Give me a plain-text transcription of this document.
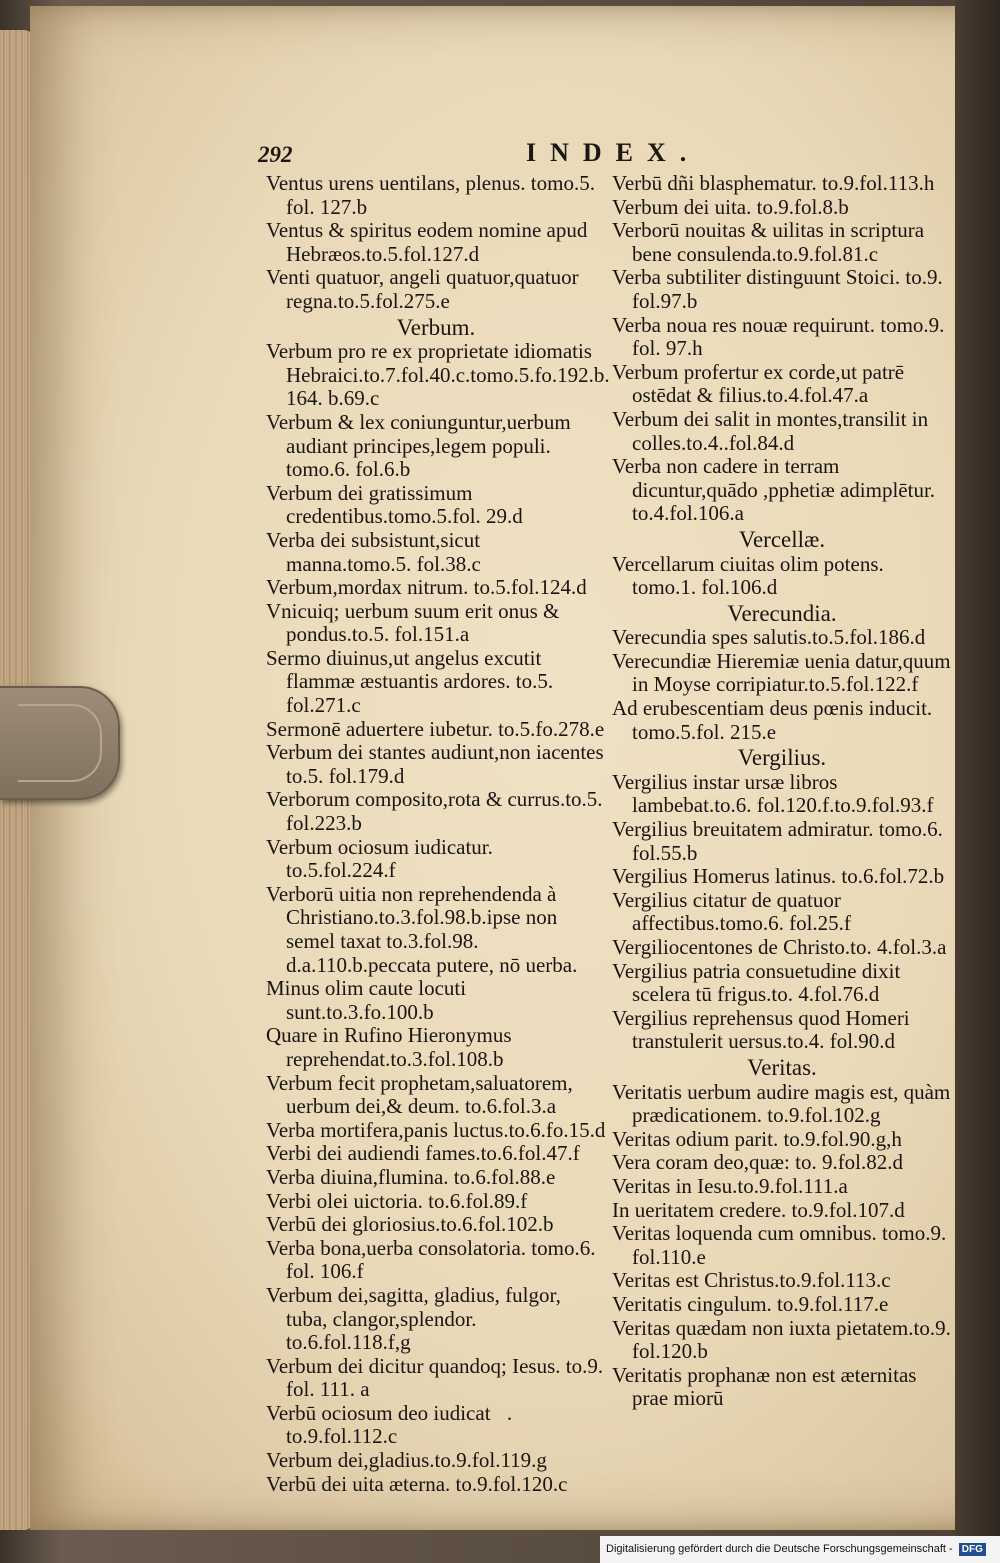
292	INDEX.

Ventus urens uentilans, plenus. tomo.5. fol. 127.b

Ventus & spiritus eodem nomine apud Hebræos.to.5.fol.127.d

Venti quatuor, angeli quatuor,quatuor regna.to.5.fol.275.e

Verbum.

Verbum pro re ex proprietate idiomatis Hebraici.to.7.fol.40.c.tomo.5.fo.192.b. 164. b.69.c

Verbum & lex coniunguntur,uerbum audiant principes,legem populi. tomo.6. fol.6.b

Verbum dei gratissimum credentibus.tomo.5.fol. 29.d

Verba dei subsistunt,sicut manna.tomo.5. fol.38.c

Verbum,mordax nitrum. to.5.fol.124.d

Vnicuiq; uerbum suum erit onus & pondus.to.5. fol.151.a

Sermo diuinus,ut angelus excutit flammæ æstuantis ardores. to.5. fol.271.c

Sermonē aduertere iubetur. to.5.fo.278.e

Verbum dei stantes audiunt,non iacentes to.5. fol.179.d

Verborum composito,rota & currus.to.5. fol.223.b

Verbum ociosum iudicatur. to.5.fol.224.f

Verborū uitia non reprehendenda à Christiano.to.3.fol.98.b.ipse non semel taxat to.3.fol.98. d.a.110.b.peccata putere, nō uerba.

Minus olim caute locuti sunt.to.3.fo.100.b

Quare in Rufino Hieronymus reprehendat.to.3.fol.108.b

Verbum fecit prophetam,saluatorem, uerbum dei,& deum. to.6.fol.3.a

Verba mortifera,panis luctus.to.6.fo.15.d

Verbi dei audiendi fames.to.6.fol.47.f

Verba diuina,flumina. to.6.fol.88.e

Verbi olei uictoria. to.6.fol.89.f

Verbū dei gloriosius.to.6.fol.102.b

Verba bona,uerba consolatoria. tomo.6. fol. 106.f

Verbum dei,sagitta, gladius, fulgor, tuba, clangor,splendor. to.6.fol.118.f,g

Verbum dei dicitur quandoq; Iesus. to.9. fol. 111. a

Verbū ociosum deo iudicatᷣ. to.9.fol.112.c

Verbum dei,gladius.to.9.fol.119.g

Verbū dei uita æterna. to.9.fol.120.c

Verbū dñi blasphematur. to.9.fol.113.h

Verbum dei uita. to.9.fol.8.b

Verborū nouitas & uilitas in scriptura bene consulenda.to.9.fol.81.c

Verba subtiliter distinguunt Stoici. to.9. fol.97.b

Verba noua res nouæ requirunt. tomo.9. fol. 97.h

Verbum profertur ex corde,ut patrē ostēdat & filius.to.4.fol.47.a

Verbum dei salit in montes,transilit in colles.to.4..fol.84.d

Verba non cadere in terram dicuntur,quādo ,pphetiæ adimplētur. to.4.fol.106.a

Vercellæ.

Vercellarum ciuitas olim potens. tomo.1. fol.106.d

Verecundia.

Verecundia spes salutis.to.5.fol.186.d

Verecundiæ Hieremiæ uenia datur,quum in Moyse corripiatur.to.5.fol.122.f

Ad erubescentiam deus pœnis inducit. tomo.5.fol. 215.e

Vergilius.

Vergilius instar ursæ libros lambebat.to.6. fol.120.f.to.9.fol.93.f

Vergilius breuitatem admiratur. tomo.6. fol.55.b

Vergilius Homerus latinus. to.6.fol.72.b

Vergilius citatur de quatuor affectibus.tomo.6. fol.25.f

Vergiliocentones de Christo.to. 4.fol.3.a

Vergilius patria consuetudine dixit scelera tū frigus.to. 4.fol.76.d

Vergilius reprehensus quod Homeri transtulerit uersus.to.4. fol.90.d

Veritas.

Veritatis uerbum audire magis est, quàm prædicationem. to.9.fol.102.g

Veritas odium parit. to.9.fol.90.g,h

Vera coram deo,quæ: to. 9.fol.82.d

Veritas in Iesu.to.9.fol.111.a

In ueritatem credere. to.9.fol.107.d

Veritas loquenda cum omnibus. tomo.9. fol.110.e

Veritas est Christus.to.9.fol.113.c

Veritatis cingulum. to.9.fol.117.e

Veritas quædam non iuxta pietatem.to.9. fol.120.b

Veritatis prophanæ non est æternitas prae miorū

Digitalisierung gefördert durch die Deutsche Forschungsgemeinschaft - DFG
